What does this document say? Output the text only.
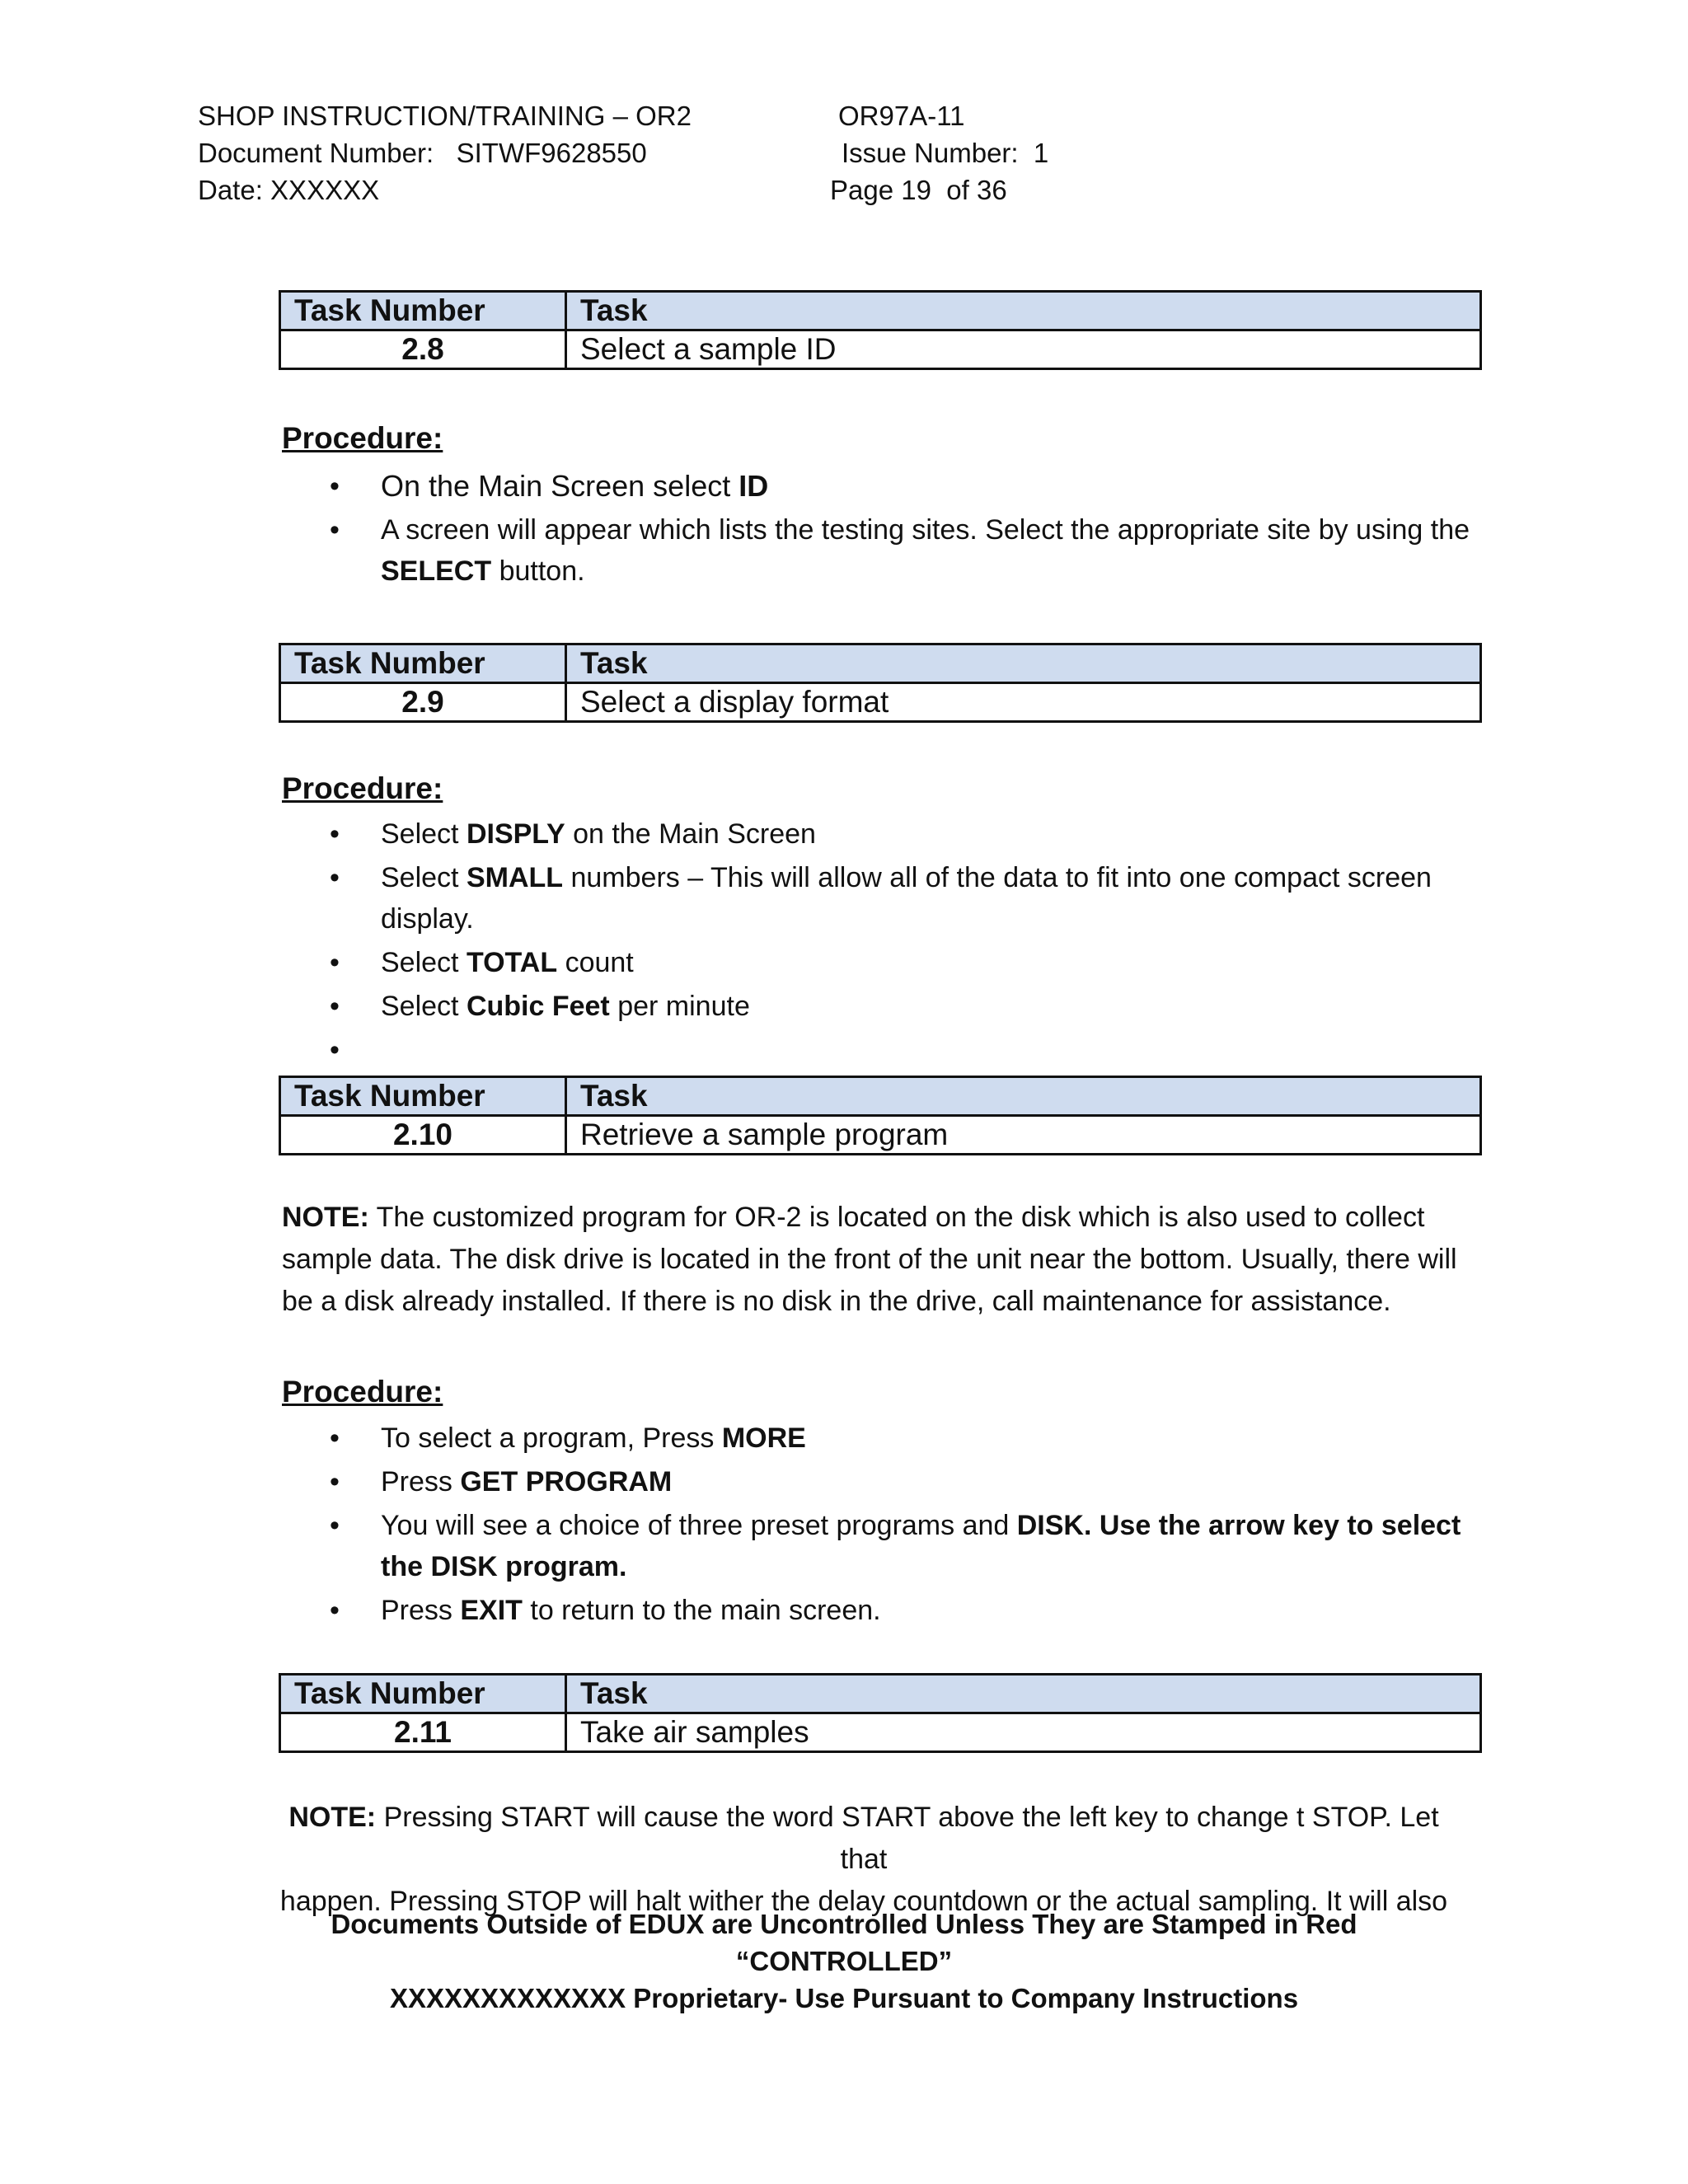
SHOP INSTRUCTION/TRAINING – OR2	OR97A-11
Document Number:   SITWF9628550	Issue Number:  1
Date: XXXXXX	Page 19  of 36
Task Number	Task
2.8	Select a sample ID
Procedure:
• On the Main Screen select ID
• A screen will appear which lists the testing sites. Select the appropriate site by using the SELECT button.
Task Number	Task
2.9	Select a display format
Procedure:
• Select DISPLY on the Main Screen
• Select SMALL numbers – This will allow all of the data to fit into one compact screen display.
• Select TOTAL count
• Select Cubic Feet per minute
Task Number	Task
2.10	Retrieve a sample program
NOTE: The customized program for OR-2 is located on the disk which is also used to collect sample data. The disk drive is located in the front of the unit near the bottom. Usually, there will be a disk already installed. If there is no disk in the drive, call maintenance for assistance.
Procedure:
• To select a program, Press MORE
• Press GET PROGRAM
• You will see a choice of three preset programs and DISK. Use the arrow key to select the DISK program.
• Press EXIT to return to the main screen.
Task Number	Task
2.11	Take air samples
NOTE: Pressing START will cause the word START above the left key to change t STOP. Let that
happen. Pressing STOP will halt wither the delay countdown or the actual sampling. It will also
Documents Outside of EDUX are Uncontrolled Unless They are Stamped in Red
“CONTROLLED”
XXXXXXXXXXXXX Proprietary- Use Pursuant to Company Instructions
